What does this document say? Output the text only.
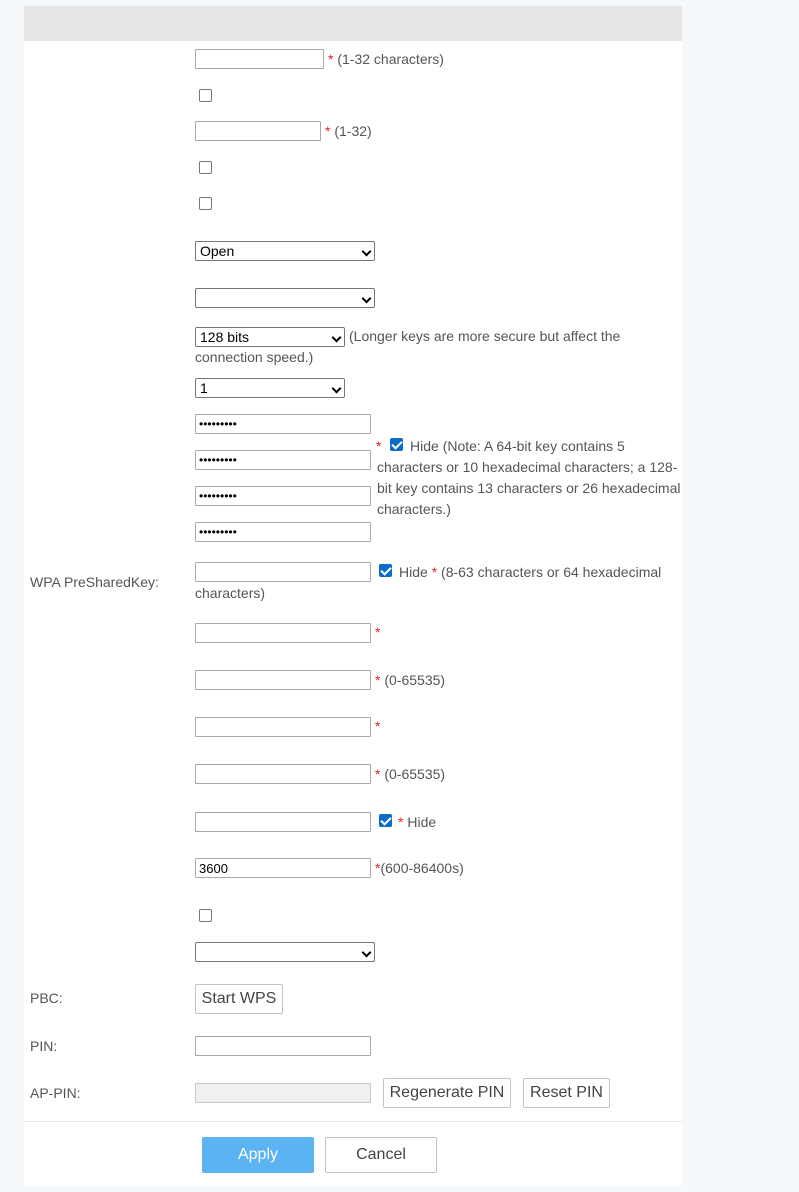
* (1-32 characters)
* (1-32)
Open
128 bits	(Longer keys are more secure but affect the connection speed.)
1
•••••••••
•••••••••
•••••••••
•••••••••
*	Hide (Note: A 64-bit key contains 5 characters or 10 hexadecimal characters; a 128-bit key contains 13 characters or 26 hexadecimal characters.)
WPA PreSharedKey:
Hide * (8-63 characters or 64 hexadecimal characters)
*
* (0-65535)
*
* (0-65535)
* Hide
3600
*(600-86400s)
PBC:	Start WPS
PIN:
AP-PIN:	Regenerate PIN	Reset PIN
Apply	Cancel
